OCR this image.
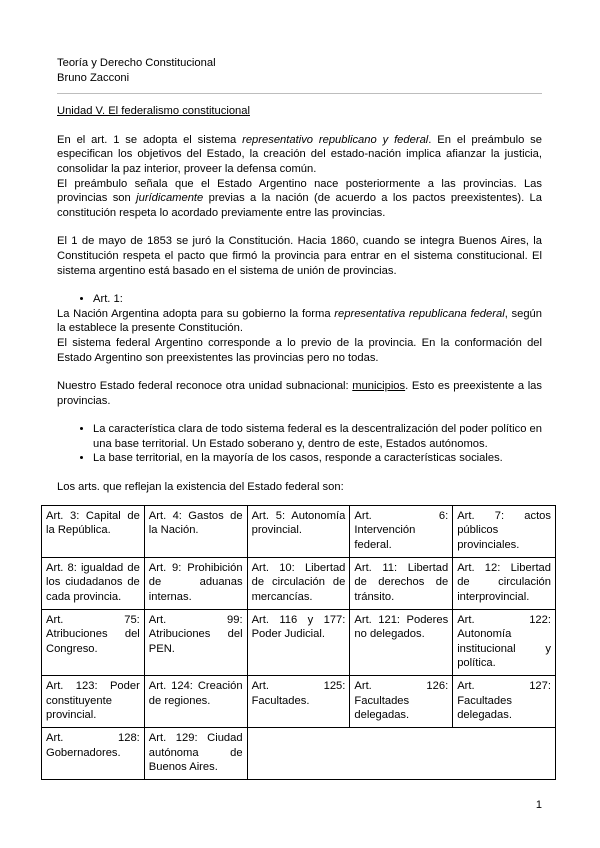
Teoría y Derecho Constitucional

Bruno Zacconi

Unidad V. El federalismo constitucional

En el art. 1 se adopta el sistema representativo republicano y federal. En el preámbulo se especifican los objetivos del Estado, la creación del estado-nación implica afianzar la justicia, consolidar la paz interior, proveer la defensa común.

El preámbulo señala que el Estado Argentino nace posteriormente a las provincias. Las provincias son jurídicamente previas a la nación (de acuerdo a los pactos preexistentes). La constitución respeta lo acordado previamente entre las provincias.

El 1 de mayo de 1853 se juró la Constitución. Hacia 1860, cuando se integra Buenos Aires, la Constitución respeta el pacto que firmó la provincia para entrar en el sistema constitucional. El sistema argentino está basado en el sistema de unión de provincias.

• Art. 1:

La Nación Argentina adopta para su gobierno la forma representativa republicana federal, según la establece la presente Constitución.

El sistema federal Argentino corresponde a lo previo de la provincia. En la conformación del Estado Argentino son preexistentes las provincias pero no todas.

Nuestro Estado federal reconoce otra unidad subnacional: municipios. Esto es preexistente a las provincias.

• La característica clara de todo sistema federal es la descentralización del poder político en una base territorial. Un Estado soberano y, dentro de este, Estados autónomos.
• La base territorial, en la mayoría de los casos, responde a características sociales.

Los arts. que reflejan la existencia del Estado federal son:

Art. 3: Capital de la República.	Art. 4: Gastos de la Nación.	Art. 5: Autonomía provincial.	Art. 6: Intervención federal.	Art. 7: actos públicos provinciales.
Art. 8: igualdad de los ciudadanos de cada provincia.	Art. 9: Prohibición de aduanas internas.	Art. 10: Libertad de circulación de mercancías.	Art. 11: Libertad de derechos de tránsito.	Art. 12: Libertad de circulación interprovincial.
Art. 75: Atribuciones del Congreso.	Art. 99: Atribuciones del PEN.	Art. 116 y 177: Poder Judicial.	Art. 121: Poderes no delegados.	Art. 122: Autonomía institucional y política.
Art. 123: Poder constituyente provincial.	Art. 124: Creación de regiones.	Art. 125: Facultades.	Art. 126: Facultades delegadas.	Art. 127: Facultades delegadas.
Art. 128: Gobernadores.	Art. 129: Ciudad autónoma de Buenos Aires.			
1
